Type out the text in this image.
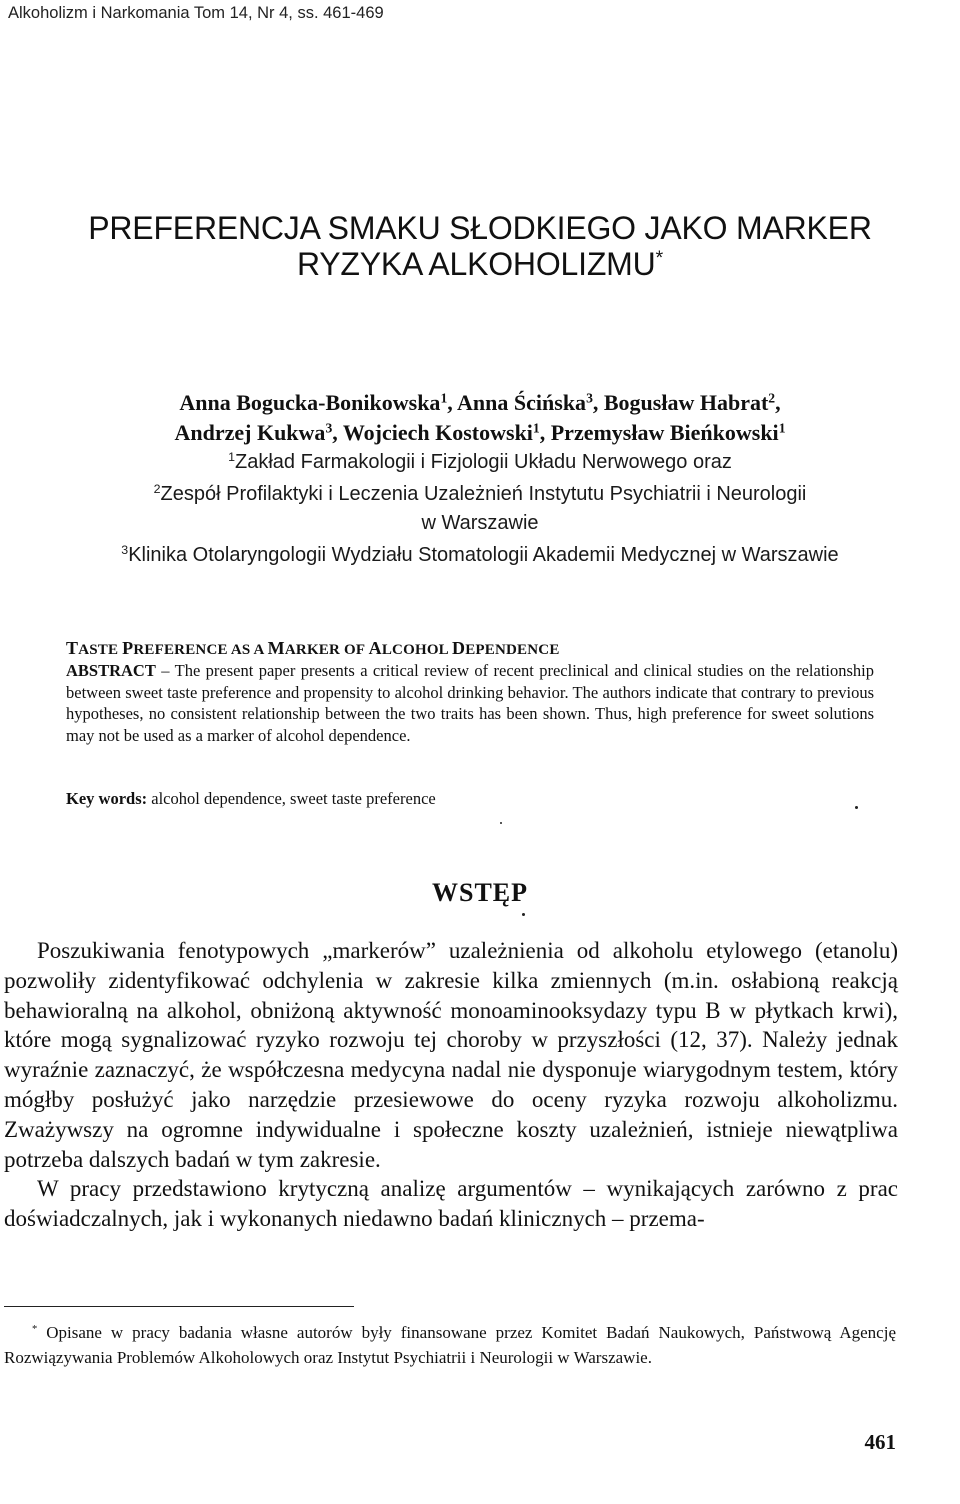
Alkoholizm i Narkomania Tom 14, Nr 4, ss. 461-469
PREFERENCJA SMAKU SŁODKIEGO JAKO MARKER
RYZYKA ALKOHOLIZMU*
Anna Bogucka-Bonikowska$^1$, Anna Ścińska$^3$, Bogusław Habrat$^2$,
Andrzej Kukwa$^3$, Wojciech Kostowski$^1$, Przemysław Bieńkowski$^1$
$^1$Zakład Farmakologii i Fizjologii Układu Nerwowego oraz
$^2$Zespół Profilaktyki i Leczenia Uzależnień Instytutu Psychiatrii i Neurologii
w Warszawie
$^3$Klinika Otolaryngologii Wydziału Stomatologii Akademii Medycznej w Warszawie
TASTE PREFERENCE AS A MARKER OF ALCOHOL DEPENDENCE
ABSTRACT – The present paper presents a critical review of recent preclinical and clinical studies on the relationship between sweet taste preference and propensity to alcohol drinking behavior. The authors indicate that contrary to previous hypotheses, no consistent relationship between the two traits has been shown. Thus, high preference for sweet solutions may not be used as a marker of alcohol dependence.
Key words: alcohol dependence, sweet taste preference
WSTĘP

Poszukiwania fenotypowych „markerów” uzależnienia od alkoholu etylowego (etanolu) pozwoliły zidentyfikować odchylenia w zakresie kilka zmiennych (m.in. osłabioną reakcją behawioralną na alkohol, obniżoną aktywność monoaminooksydazy typu B w płytkach krwi), które mogą sygnalizować ryzyko rozwoju tej choroby w przyszłości (12, 37). Należy jednak wyraźnie zaznaczyć, że współczesna medycyna nadal nie dysponuje wiarygodnym testem, który mógłby posłużyć jako narzędzie przesiewowe do oceny ryzyka rozwoju alkoholizmu. Zważywszy na ogromne indywidualne i społeczne koszty uzależnień, istnieje niewątpliwa potrzeba dalszych badań w tym zakresie.

W pracy przedstawiono krytyczną analizę argumentów – wynikających zarówno z prac doświadczalnych, jak i wykonanych niedawno badań klinicznych – przema-

* Opisane w pracy badania własne autorów były finansowane przez Komitet Badań Naukowych, Państwową Agencję Rozwiązywania Problemów Alkoholowych oraz Instytut Psychiatrii i Neurologii w Warszawie.
461
